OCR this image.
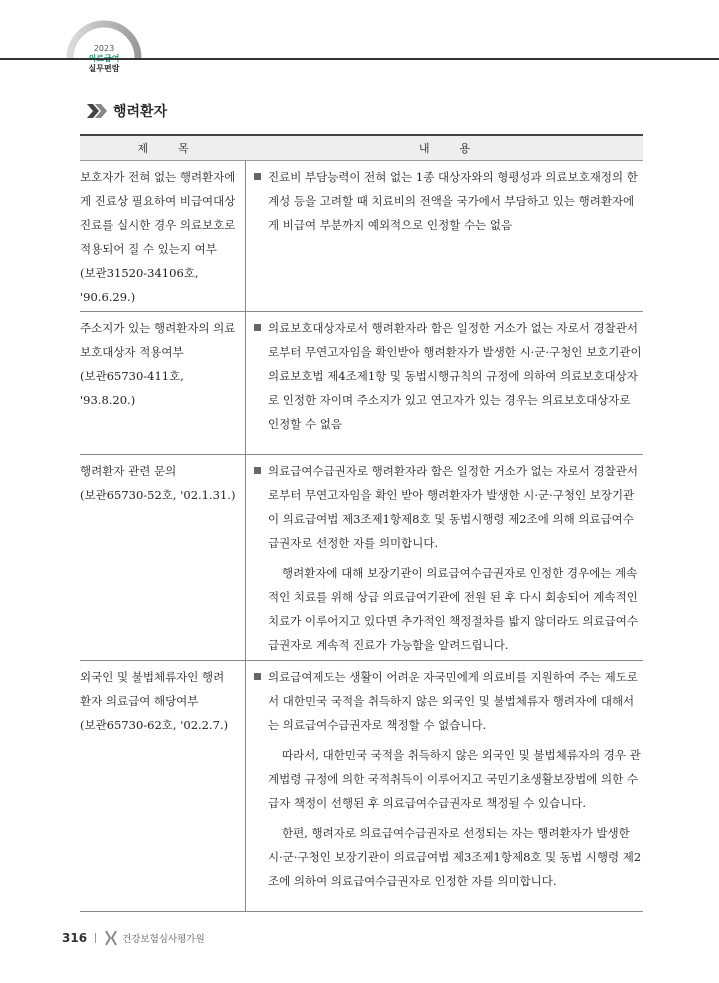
2023
실무편람
행려환자
제목	내용
보호자가 전혀 없는 행려환자에
게 진료상 필요하여 비급여대상
진료를 실시한 경우 의료보호로
적용되어 질 수 있는지 여부
(보관31520-34106호, '90.6.29.)
진료비 부담능력이 전혀 없는 1종 대상자와의 형평성과 의료보호재정의 한계성 등을 고려할 때 치료비의 전액을 국가에서 부담하고 있는 행려환자에게 비급여 부분까지 예외적으로 인정할 수는 없음
주소지가 있는 행려환자의 의료
보호대상자 적용여부
(보관65730-411호, '93.8.20.)
의료보호대상자로서 행려환자라 함은 일정한 거소가 없는 자로서 경찰관서로부터 무연고자임을 확인받아 행려환자가 발생한 시·군·구청인 보호기관이 의료보호법 제4조제1항 및 동법시행규칙의 규정에 의하여 의료보호대상자로 인정한 자이며 주소지가 있고 연고자가 있는 경우는 의료보호대상자로 인정할 수 없음
행려환자 관련 문의
(보관65730-52호, '02.1.31.)
의료급여수급권자로 행려환자라 함은 일정한 거소가 없는 자로서 경찰관서로부터 무연고자임을 확인 받아 행려환자가 발생한 시·군·구청인 보장기관이 의료급여법 제3조제1항제8호 및 동법시행령 제2조에 의해 의료급여수급권자로 선정한 자를 의미합니다.
행려환자에 대해 보장기관이 의료급여수급권자로 인정한 경우에는 계속적인 치료를 위해 상급 의료급여기관에 전원 된 후 다시 회송되어 계속적인 치료가 이루어지고 있다면 추가적인 책정절차를 밟지 않더라도 의료급여수급권자로 계속적 진료가 가능함을 알려드립니다.
외국인 및 불법체류자인 행려
환자 의료급여 해당여부
(보관65730-62호, '02.2.7.)
의료급여제도는 생활이 어려운 자국민에게 의료비를 지원하여 주는 제도로서 대한민국 국적을 취득하지 않은 외국인 및 불법체류자 행려자에 대해서는 의료급여수급권자로 책정할 수 없습니다.
따라서, 대한민국 국적을 취득하지 않은 외국인 및 불법체류자의 경우 관계법령 규정에 의한 국적취득이 이루어지고 국민기초생활보장법에 의한 수급자 책정이 선행된 후 의료급여수급권자로 책정될 수 있습니다.
한편, 행려자로 의료급여수급권자로 선정되는 자는 행려환자가 발생한 시·군·구청인 보장기관이 의료급여법 제3조제1항제8호 및 동법 시행령 제2조에 의하여 의료급여수급권자로 인정한 자를 의미합니다.
316	건강보험심사평가원
